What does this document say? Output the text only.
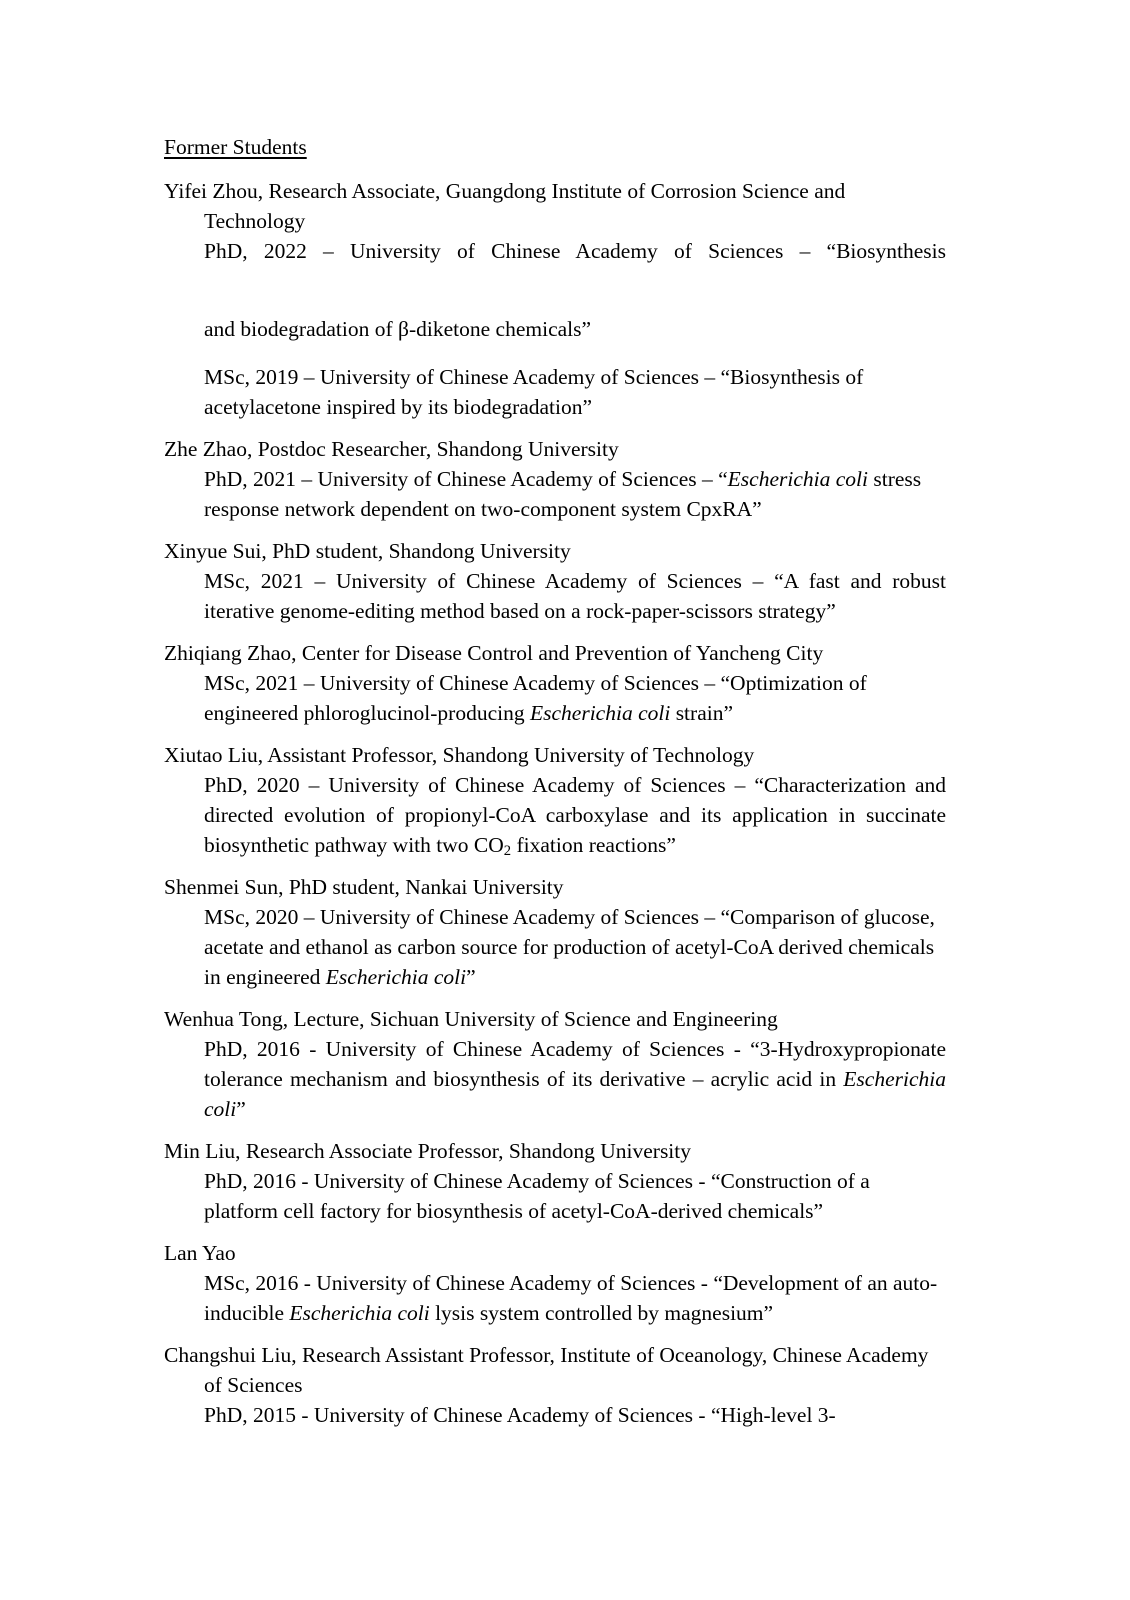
Former Students

Yifei Zhou, Research Associate, Guangdong Institute of Corrosion Science and Technology

PhD, 2022 – University of Chinese Academy of Sciences – “Biosynthesis

and biodegradation of β-diketone chemicals”

MSc, 2019 – University of Chinese Academy of Sciences – “Biosynthesis of acetylacetone inspired by its biodegradation”

Zhe Zhao, Postdoc Researcher, Shandong University

PhD, 2021 – University of Chinese Academy of Sciences – “Escherichia coli stress response network dependent on two-component system CpxRA”

Xinyue Sui, PhD student, Shandong University

MSc, 2021 – University of Chinese Academy of Sciences – “A fast and robust iterative genome-editing method based on a rock-paper-scissors strategy”

Zhiqiang Zhao, Center for Disease Control and Prevention of Yancheng City

MSc, 2021 – University of Chinese Academy of Sciences – “Optimization of engineered phloroglucinol-producing Escherichia coli strain”

Xiutao Liu, Assistant Professor, Shandong University of Technology

PhD, 2020 – University of Chinese Academy of Sciences – “Characterization and directed evolution of propionyl-CoA carboxylase and its application in succinate biosynthetic pathway with two $CO_2$ fixation reactions”

Shenmei Sun, PhD student, Nankai University

MSc, 2020 – University of Chinese Academy of Sciences – “Comparison of glucose, acetate and ethanol as carbon source for production of acetyl-CoA derived chemicals in engineered Escherichia coli”

Wenhua Tong, Lecture, Sichuan University of Science and Engineering

PhD, 2016 - University of Chinese Academy of Sciences - “3-Hydroxypropionate tolerance mechanism and biosynthesis of its derivative – acrylic acid in Escherichia coli”

Min Liu, Research Associate Professor, Shandong University

PhD, 2016 - University of Chinese Academy of Sciences - “Construction of a platform cell factory for biosynthesis of acetyl-CoA-derived chemicals”

Lan Yao

MSc, 2016 - University of Chinese Academy of Sciences - “Development of an auto-inducible Escherichia coli lysis system controlled by magnesium”

Changshui Liu, Research Assistant Professor, Institute of Oceanology, Chinese Academy of Sciences

PhD, 2015 - University of Chinese Academy of Sciences - “High-level 3-
